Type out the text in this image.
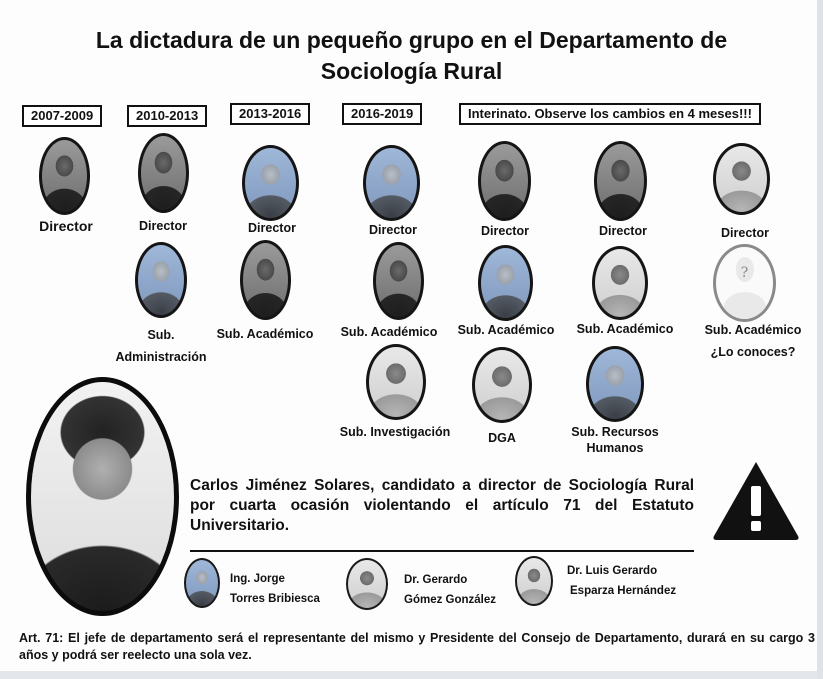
La dictadura de un pequeño grupo en el Departamento de
Sociología Rural
2007-2009	2010-2013	2013-2016	2016-2019	Interinato. Observe los cambios en 4 meses!!!
Director	Director	Director	Director	Director	Director	Director
Sub.
Administración
Sub. Académico	Sub. Académico	Sub. Académico	Sub. Académico
?
Sub. Académico
¿Lo conoces?
Sub. Investigación	DGA	Sub. Recursos
Humanos
Carlos Jiménez Solares, candidato a director de Sociología Rural por cuarta ocasión violentando el artículo 71 del Estatuto Universitario.
Ing. Jorge
Torres Bribiesca
Dr. Gerardo
Gómez González
Dr. Luis Gerardo
Esparza Hernández
Art. 71: El jefe de departamento será el representante del mismo y Presidente del Consejo de Departamento, durará en su cargo 3 años y podrá ser reelecto una sola vez.
